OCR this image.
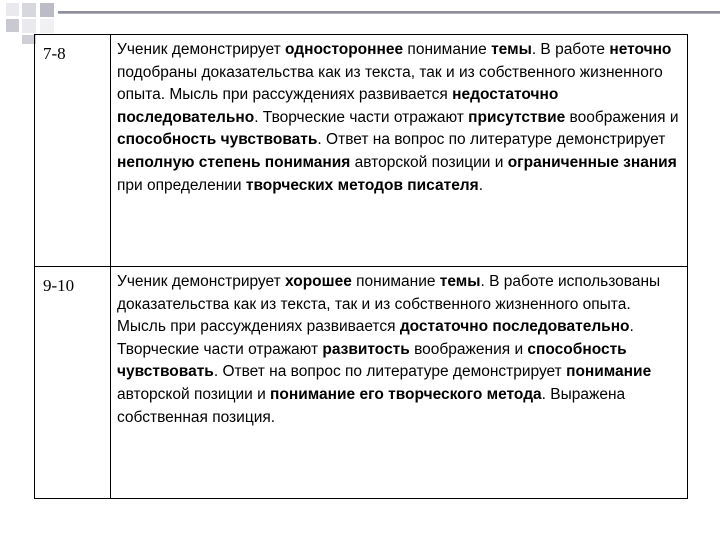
7-8	Ученик демонстрирует одностороннее понимание темы. В работе неточно подобраны доказательства как из текста, так и из собственного жизненного опыта. Мысль при рассуждениях развивается недостаточно последовательно. Творческие части отражают присутствие воображения и способность чувствовать. Ответ на вопрос по литературе демонстрирует неполную степень понимания авторской позиции и ограниченные знания при определении творческих методов писателя.
9-10	Ученик демонстрирует хорошее понимание темы. В работе использованы доказательства как из текста, так и из собственного жизненного опыта. Мысль при рассуждениях развивается достаточно последовательно. Творческие части отражают развитость воображения и способность чувствовать. Ответ на вопрос по литературе демонстрирует понимание авторской позиции и понимание его творческого метода. Выражена собственная позиция.
